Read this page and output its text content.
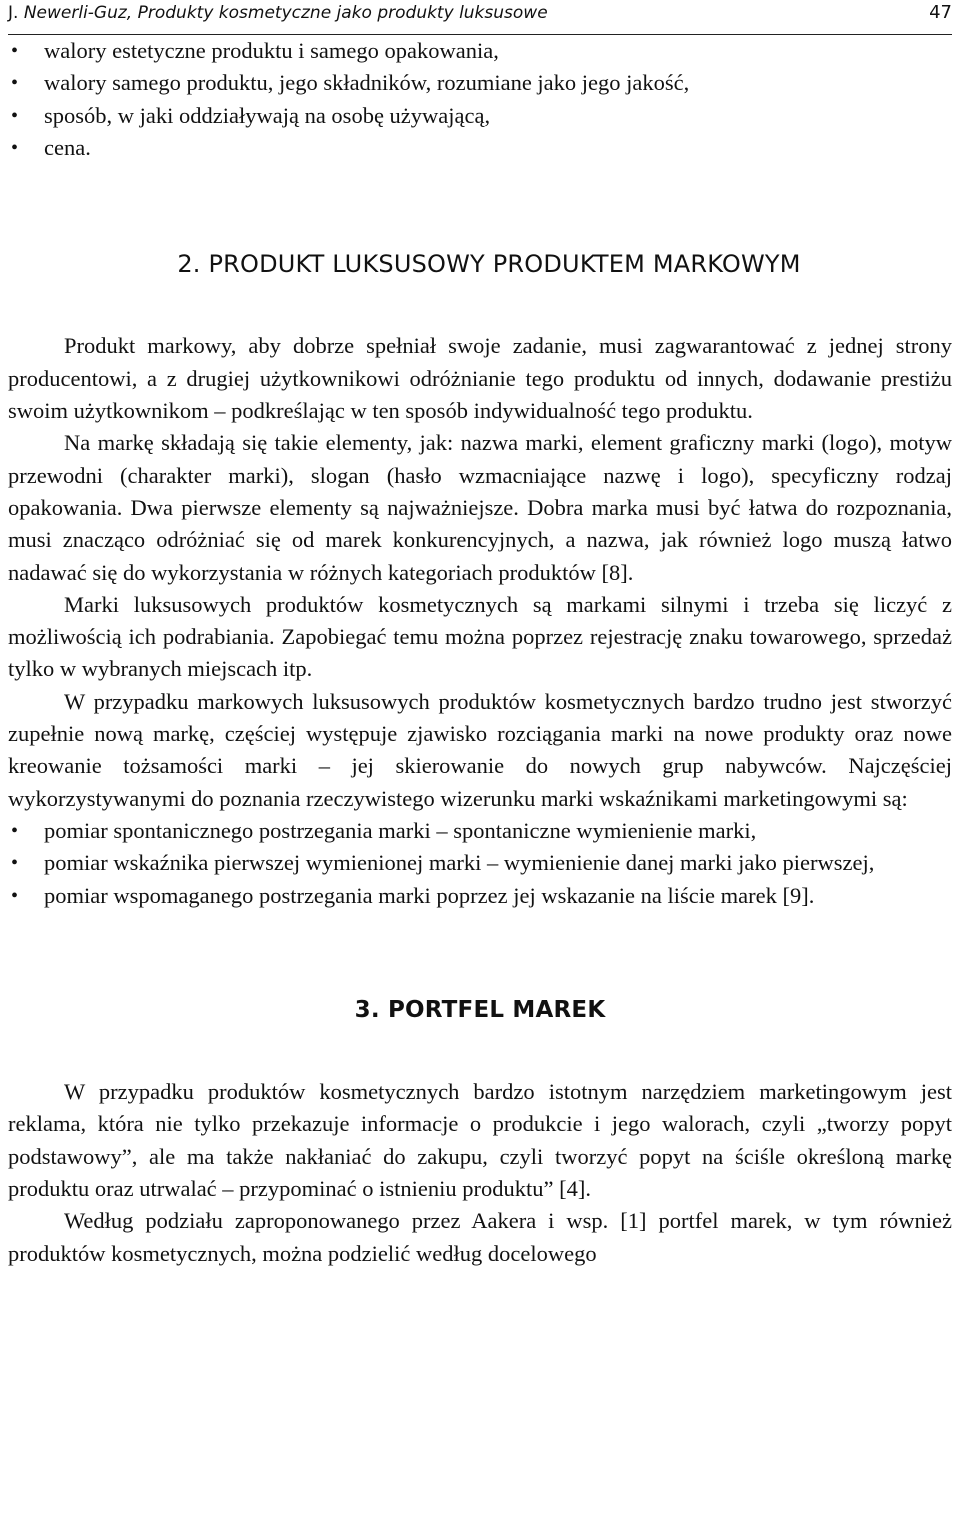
J. Newerli-Guz, Produkty kosmetyczne jako produkty luksusowe	47
• walory estetyczne produktu i samego opakowania,
• walory samego produktu, jego składników, rozumiane jako jego jakość,
• sposób, w jaki oddziaływają na osobę używającą,
• cena.
2. PRODUKT LUKSUSOWY PRODUKTEM MARKOWYM

Produkt markowy, aby dobrze spełniał swoje zadanie, musi zagwarantować z jednej strony producentowi, a z drugiej użytkownikowi odróżnianie tego produktu od innych, dodawanie prestiżu swoim użytkownikom – podkreślając w ten sposób indywidualność tego produktu.

Na markę składają się takie elementy, jak: nazwa marki, element graficzny marki (logo), motyw przewodni (charakter marki), slogan (hasło wzmacniające nazwę i logo), specyficzny rodzaj opakowania. Dwa pierwsze elementy są najważniejsze. Dobra marka musi być łatwa do rozpoznania, musi znacząco odróżniać się od marek konkurencyjnych, a nazwa, jak również logo muszą łatwo nadawać się do wykorzystania w różnych kategoriach produktów [8].

Marki luksusowych produktów kosmetycznych są markami silnymi i trzeba się liczyć z możliwością ich podrabiania. Zapobiegać temu można poprzez rejestrację znaku towarowego, sprzedaż tylko w wybranych miejscach itp.

W przypadku markowych luksusowych produktów kosmetycznych bardzo trudno jest stworzyć zupełnie nową markę, częściej występuje zjawisko rozciągania marki na nowe produkty oraz nowe kreowanie tożsamości marki – jej skierowanie do nowych grup nabywców. Najczęściej wykorzystywanymi do poznania rzeczywistego wizerunku marki wskaźnikami marketingowymi są:

• pomiar spontanicznego postrzegania marki – spontaniczne wymienienie marki,
• pomiar wskaźnika pierwszej wymienionej marki – wymienienie danej marki jako pierwszej,
• pomiar wspomaganego postrzegania marki poprzez jej wskazanie na liście marek [9].
3. PORTFEL MAREK

W przypadku produktów kosmetycznych bardzo istotnym narzędziem marketingowym jest reklama, która nie tylko przekazuje informacje o produkcie i jego walorach, czyli „tworzy popyt podstawowy”, ale ma także nakłaniać do zakupu, czyli tworzyć popyt na ściśle określoną markę produktu oraz utrwalać – przypominać o istnieniu produktu” [4].

Według podziału zaproponowanego przez Aakera i wsp. [1] portfel marek, w tym również produktów kosmetycznych, można podzielić według docelowego
